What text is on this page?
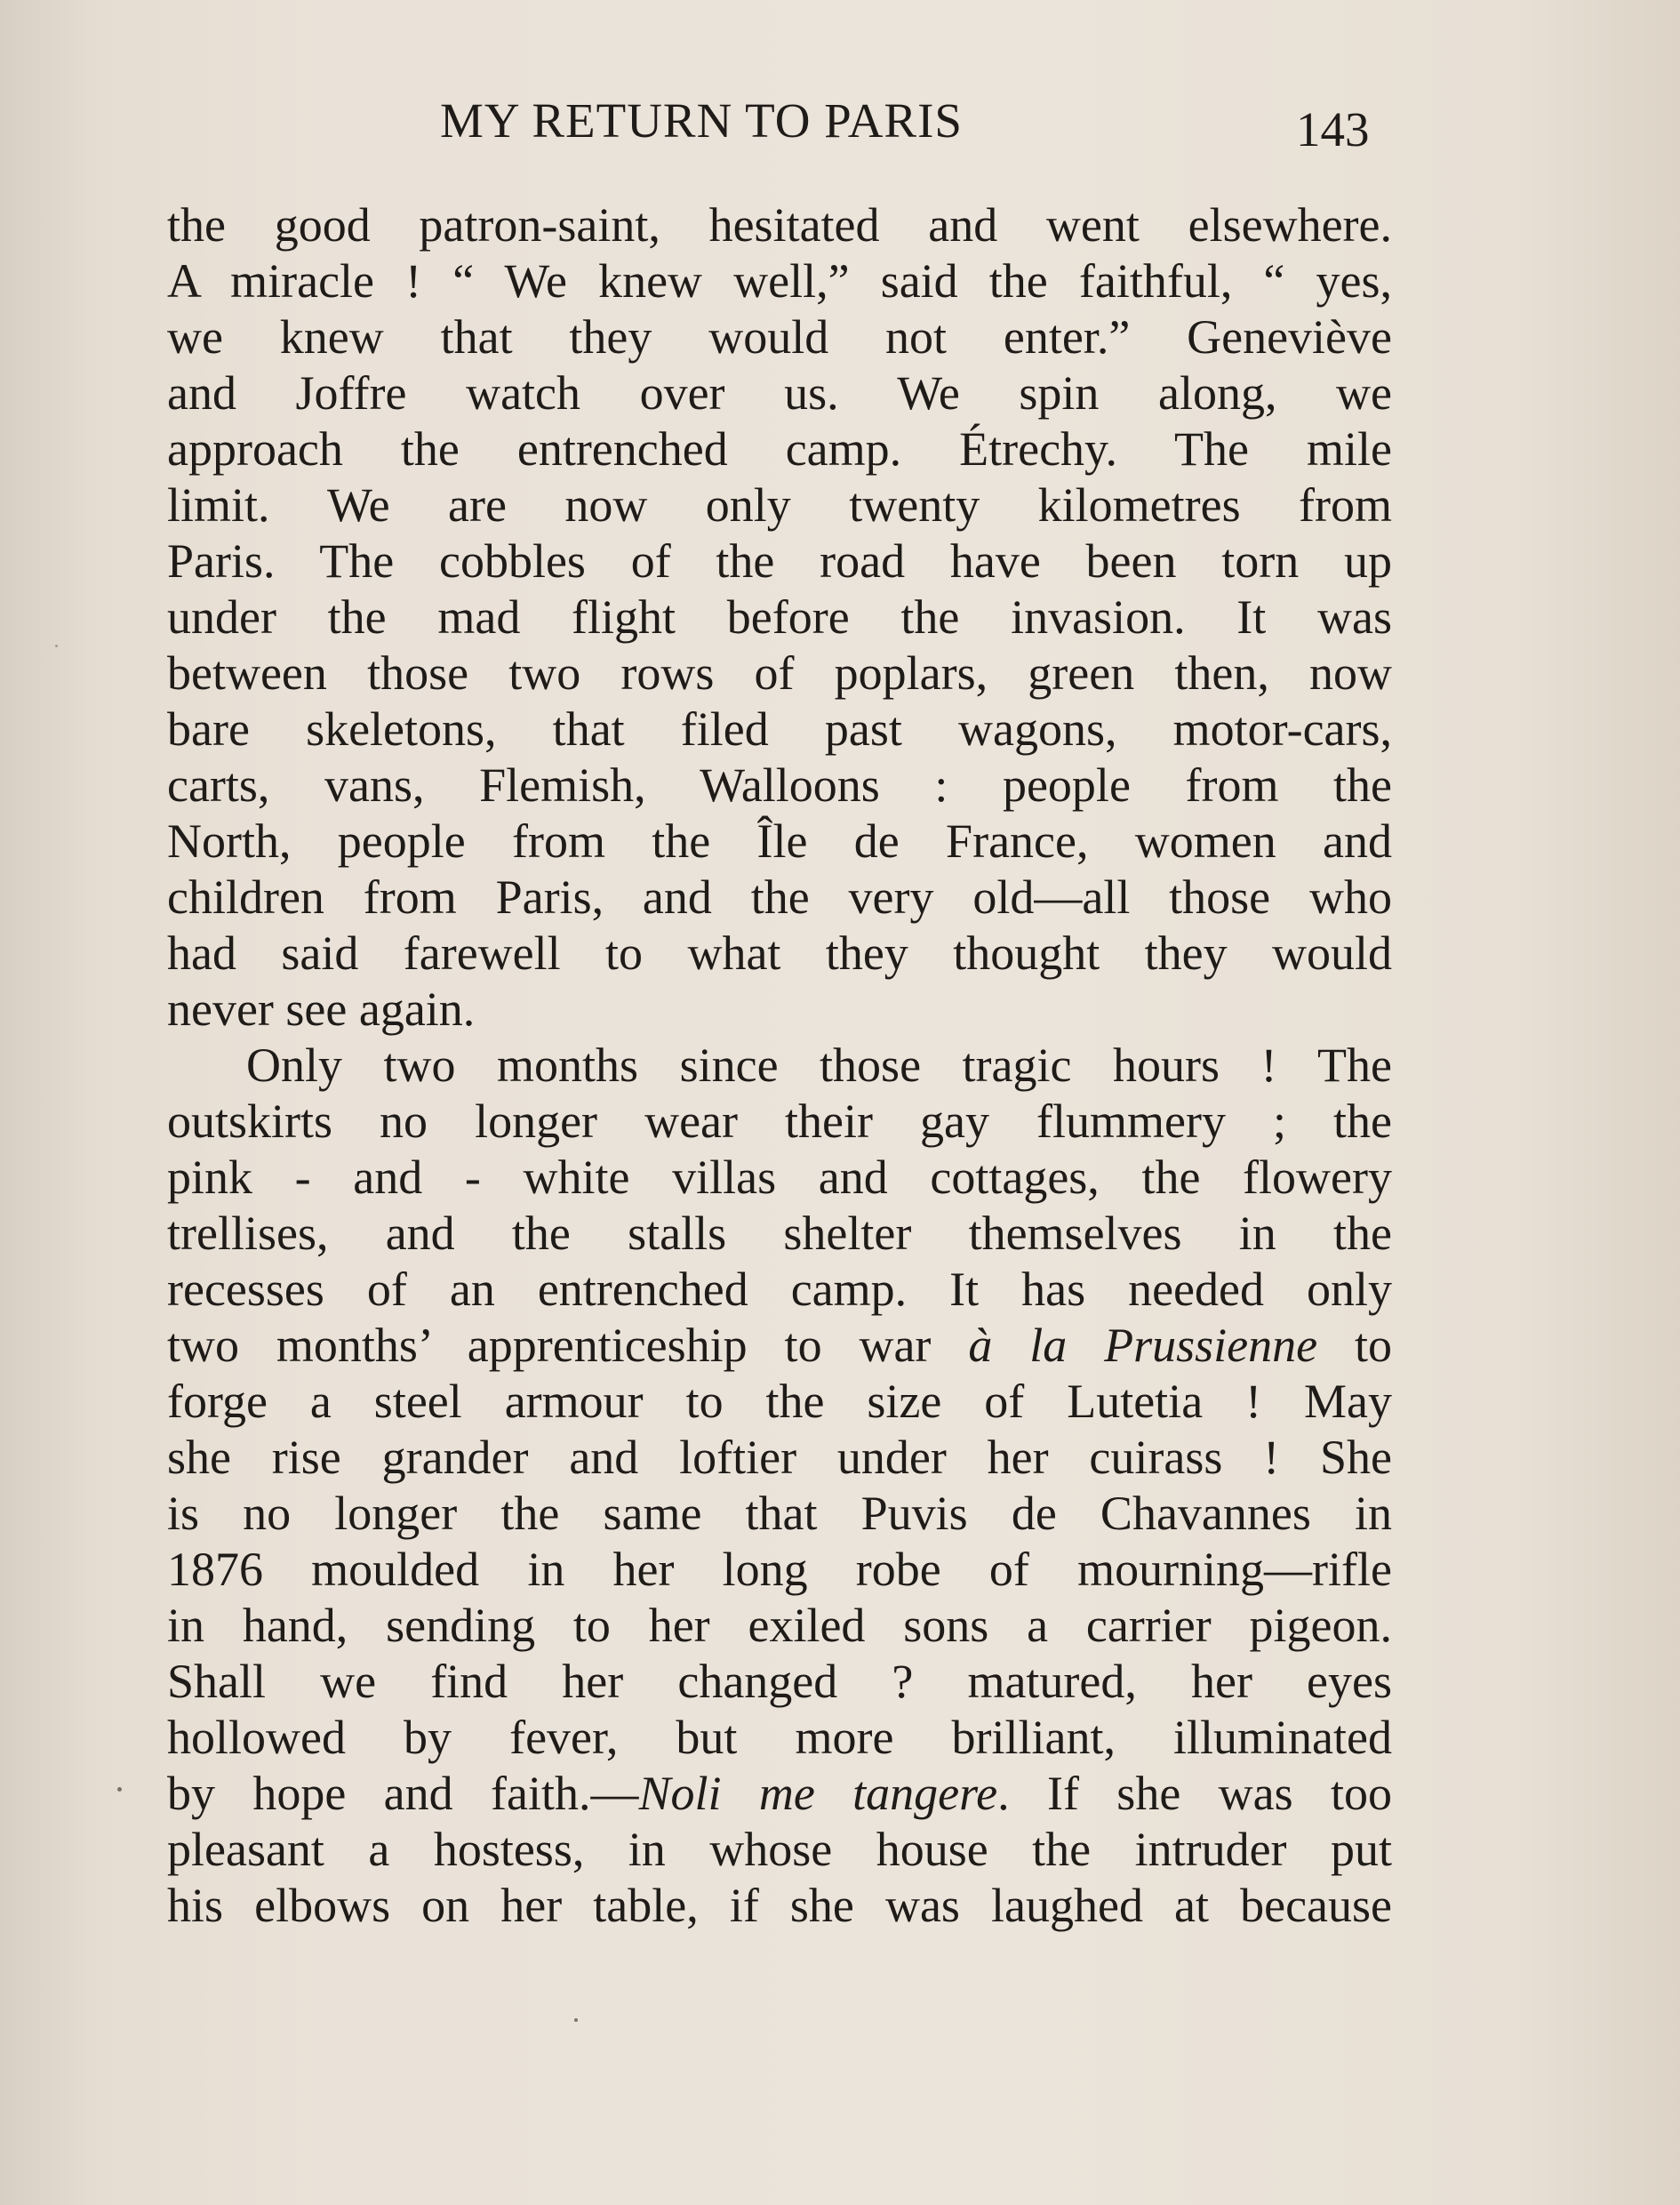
MY RETURN TO PARIS	143
the good patron-saint, hesitated and went elsewhere.
A miracle ! “ We knew well,” said the faithful, “ yes,
we knew that they would not enter.” Geneviève
and Joffre watch over us. We spin along, we
approach the entrenched camp. Étrechy. The mile
limit. We are now only twenty kilometres from
Paris. The cobbles of the road have been torn up
under the mad flight before the invasion. It was
between those two rows of poplars, green then, now
bare skeletons, that filed past wagons, motor-cars,
carts, vans, Flemish, Walloons : people from the
North, people from the Île de France, women and
children from Paris, and the very old—all those who
had said farewell to what they thought they would
never see again.
Only two months since those tragic hours ! The
outskirts no longer wear their gay flummery ; the
pink - and - white villas and cottages, the flowery
trellises, and the stalls shelter themselves in the
recesses of an entrenched camp. It has needed only
two months’ apprenticeship to war à la Prussienne to
forge a steel armour to the size of Lutetia ! May
she rise grander and loftier under her cuirass ! She
is no longer the same that Puvis de Chavannes in
1876 moulded in her long robe of mourning—rifle
in hand, sending to her exiled sons a carrier pigeon.
Shall we find her changed ? matured, her eyes
hollowed by fever, but more brilliant, illuminated
by hope and faith.—Noli me tangere. If she was too
pleasant a hostess, in whose house the intruder put
his elbows on her table, if she was laughed at because
